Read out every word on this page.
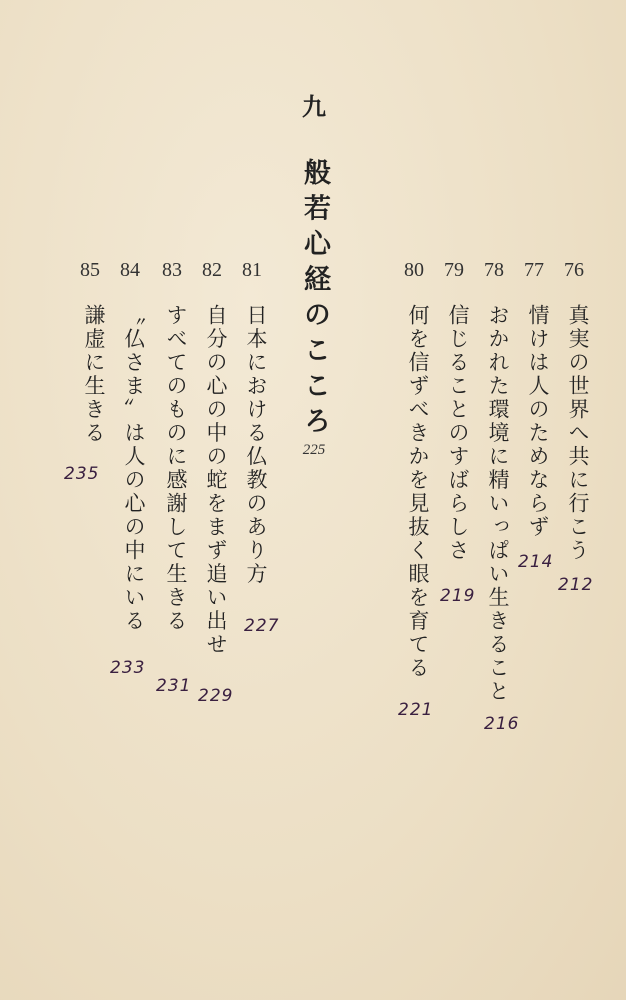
九
般若心経のこころ
225
76
真実の世界へ共に行こう
212
77
情けは人のためならず
214
78
おかれた環境に精いっぱい生きること
216
79
信じることのすばらしさ
219
80
何を信ずべきかを見抜く眼を育てる
221
81
日本における仏教のあり方
227
82
自分の心の中の蛇をまず追い出せ
229
83
すべてのものに感謝して生きる
231
84
〝仏さま〟は人の心の中にいる
233
85
謙虚に生きる
235
